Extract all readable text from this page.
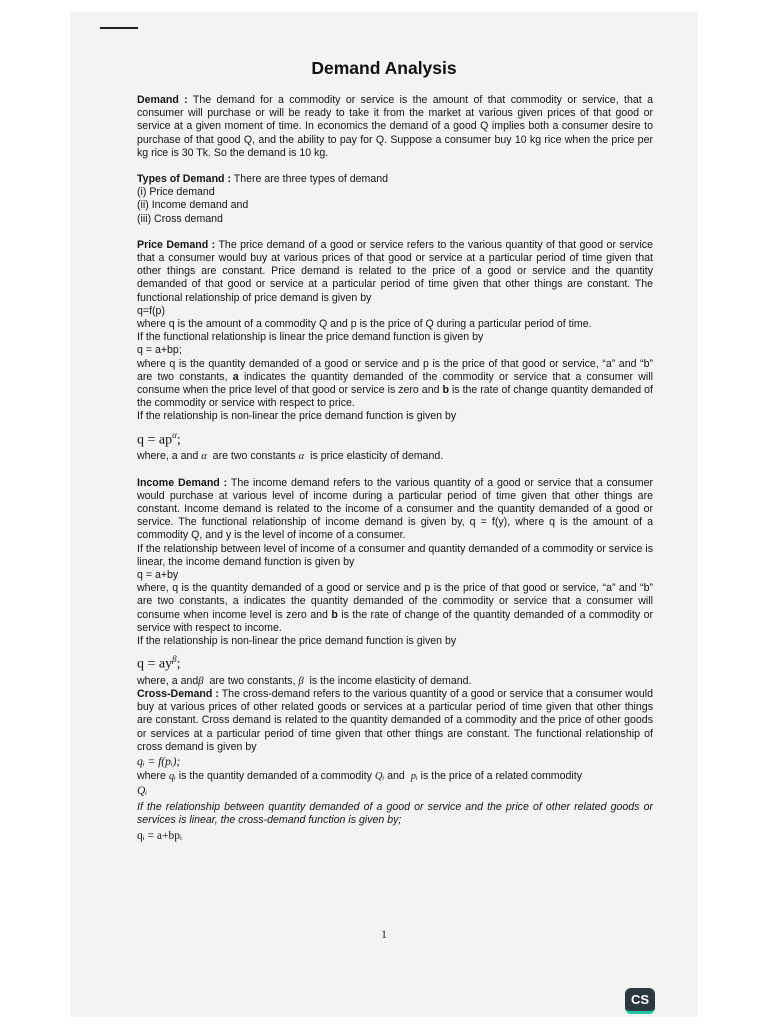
Demand Analysis

Demand : The demand for a commodity or service is the amount of that commodity or service, that a consumer will purchase or will be ready to take it from the market at various given prices of that good or service at a given moment of time. In economics the demand of a good Q implies both a consumer desire to purchase of that good Q, and the ability to pay for Q. Suppose a consumer buy 10 kg rice when the price per kg rice is 30 Tk. So the demand is 10 kg.

Types of Demand : There are three types of demand

(i) Price demand

(ii) Income demand and

(iii) Cross demand

Price Demand : The price demand of a good or service refers to the various quantity of that good or service that a consumer would buy at various prices of that good or service at a particular period of time given that other things are constant. Price demand is related to the price of a good or service and the quantity demanded of that good or service at a particular period of time given that other things are constant. The functional relationship of price demand is given by

q=f(p)

where q is the amount of a commodity Q and p is the price of Q during a particular period of time.

If the functional relationship is linear the price demand function is given by

q = a+bp;

where q is the quantity demanded of a good or service and p is the price of that good or service, “a” and “b” are two constants, a indicates the quantity demanded of the commodity or service that a consumer will consume when the price level of that good or service is zero and b is the rate of change quantity demanded of the commodity or service with respect to price.

If the relationship is non-linear the price demand function is given by

$q = ap^\alpha$;

where, a and α are two constants α is price elasticity of demand.

Income Demand : The income demand refers to the various quantity of a good or service that a consumer would purchase at various level of income during a particular period of time given that other things are constant. Income demand is related to the income of a consumer and the quantity demanded of a good or service. The functional relationship of income demand is given by, q = f(y), where q is the amount of a commodity Q, and y is the level of income of a consumer.

If the relationship between level of income of a consumer and quantity demanded of a commodity or service is linear, the income demand function is given by

q = a+by

where, q is the quantity demanded of a good or service and p is the price of that good or service, “a” and “b” are two constants, a indicates the quantity demanded of the commodity or service that a consumer will consume when income level is zero and b is the rate of change of the quantity demanded of a commodity or service with respect to income.

If the relationship is non-linear the price demand function is given by

$q = ay^\beta$;

where, a andβ are two constants, β is the income elasticity of demand.

Cross-Demand : The cross-demand refers to the various quantity of a good or service that a consumer would buy at various prices of other related goods or services at a particular period of time given that other things are constant. Cross demand is related to the quantity demanded of a commodity and the price of other goods or services at a particular period of time given that other things are constant. The functional relationship of cross demand is given by

qᵢ = f(pᵢ);

where qᵢ is the quantity demanded of a commodity Qᵢ and pᵢ is the price of a related commodity

Qᵢ

If the relationship between quantity demanded of a good or service and the price of other related goods or services is linear, the cross-demand function is given by;

qᵢ = a+bpᵢ

1
CS
